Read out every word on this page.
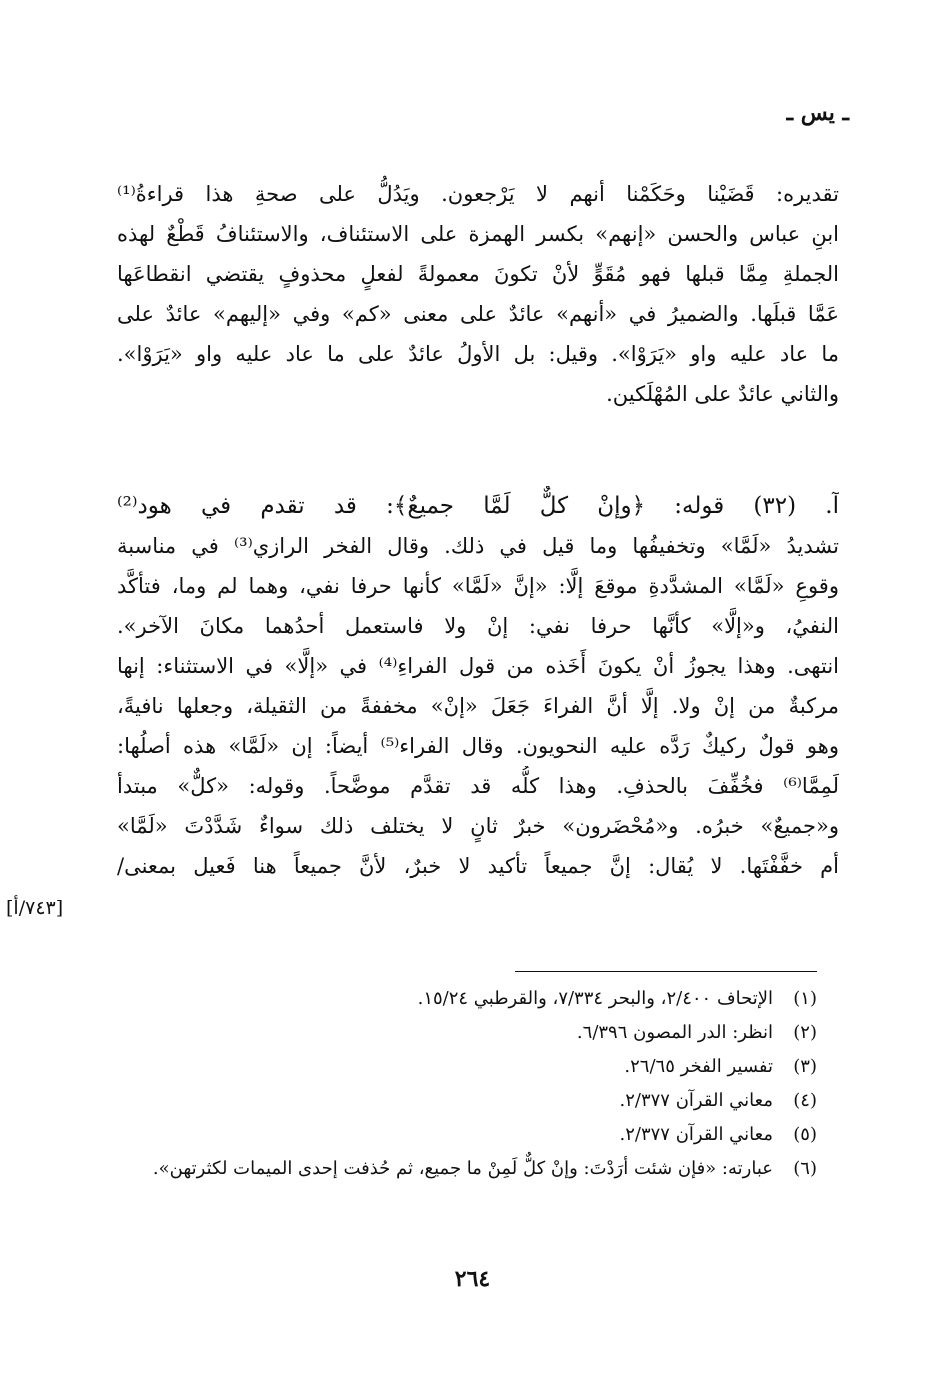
ـ يس ـ
تقديره: قَضَيْنا وحَكَمْنا أنهم لا يَرْجعون. ويَدُلُّ على صحةِ هذا قراءةُ⁽¹⁾
ابنِ عباس والحسن «إنهم» بكسر الهمزة على الاستئناف، والاستئنافُ قَطْعٌ لهذه
الجملةِ مِمَّا قبلها فهو مُقَوٍّ لأنْ تكونَ معمولةً لفعلٍ محذوفٍ يقتضي انقطاعَها
عَمَّا قبلَها. والضميرُ في «أنهم» عائدٌ على معنى «كم» وفي «إليهم» عائدٌ على
ما عاد عليه واو «يَرَوْا». وقيل: بل الأولُ عائدٌ على ما عاد عليه واو «يَرَوْا».
والثاني عائدٌ على المُهْلَكين.
آ. (٣٢) قوله: ﴿وإنْ كلٌّ لَمَّا جميعٌ﴾: قد تقدم في هود⁽²⁾
تشديدُ «لَمَّا» وتخفيفُها وما قيل في ذلك. وقال الفخر الرازي⁽³⁾ في مناسبة
وقوعِ «لَمَّا» المشدَّدةِ موقعَ إلَّا: «إنَّ «لَمَّا» كأنها حرفا نفي، وهما لم وما، فتأكَّد
النفيُ، و«إلَّا» كأنَّها حرفا نفي: إنْ ولا فاستعمل أحدُهما مكانَ الآخر».
انتهى. وهذا يجوزُ أنْ يكونَ أَخَذه من قول الفراءِ⁽⁴⁾ في «إلَّا» في الاستثناء: إنها
مركبةٌ من إنْ ولا. إلَّا أنَّ الفراءَ جَعَلَ «إنْ» مخففةً من الثقيلة، وجعلها نافيةً،
وهو قولٌ ركيكٌ رَدَّه عليه النحويون. وقال الفراء⁽⁵⁾ أيضاً: إن «لَمَّا» هذه أصلُها:
لَمِمَّا⁽⁶⁾ فخُفِّفَ بالحذفِ. وهذا كلُّه قد تقدَّم موضَّحاً. وقوله: «كلٌّ» مبتدأ
و«جميعٌ» خبرُه. و«مُحْضَرون» خبرٌ ثانٍ لا يختلف ذلك سواءٌ شَدَّدْتَ «لَمَّا»
أم خفَّفْتَها. لا يُقال: إنَّ جميعاً تأكيد لا خبرٌ، لأنَّ جميعاً هنا فَعيل بمعنى/
[٧٤٣/أ]
(١)
الإتحاف ٢/٤٠٠، والبحر ٧/٣٣٤، والقرطبي ١٥/٢٤.
(٢)
انظر: الدر المصون ٦/٣٩٦.
(٣)
تفسير الفخر ٢٦/٦٥.
(٤)
معاني القرآن ٢/٣٧٧.
(٥)
معاني القرآن ٢/٣٧٧.
(٦)
عبارته: «فإن شئت أرَدْتَ: وإنْ كلٌّ لَمِنْ ما جميع، ثم حُذفت إحدى الميمات لكثرتهن».
٢٦٤
